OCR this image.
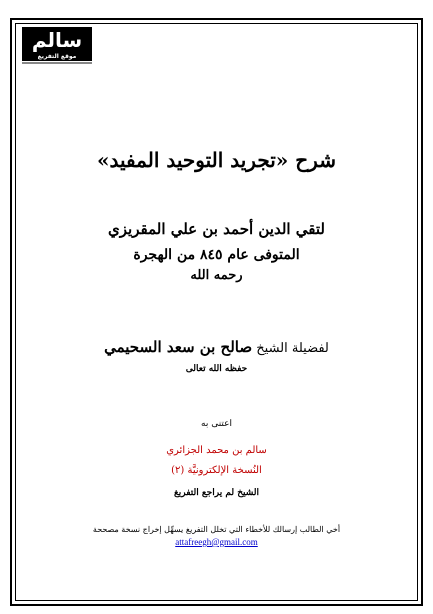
سالم
موقع التفريغ
شرح «تجريد التوحيد المفيد»
لتقي الدين أحمد بن علي المقريزي
المتوفى عام ٨٤٥ من الهجرة
رحمه الله
لفضيلة الشيخ صالح بن سعد السحيمي
حفظه الله تعالى
اعتنى به
سالم بن محمد الجزائري
النُسخة الإلكترونيَّة (٢)
الشيخ لم يراجع التفريغ
أخي الطالب إرسالك للأخطاء التي تخلل التفريغ يسهِّل إخراج نسخة مصححة
attafreegh@gmail.com
